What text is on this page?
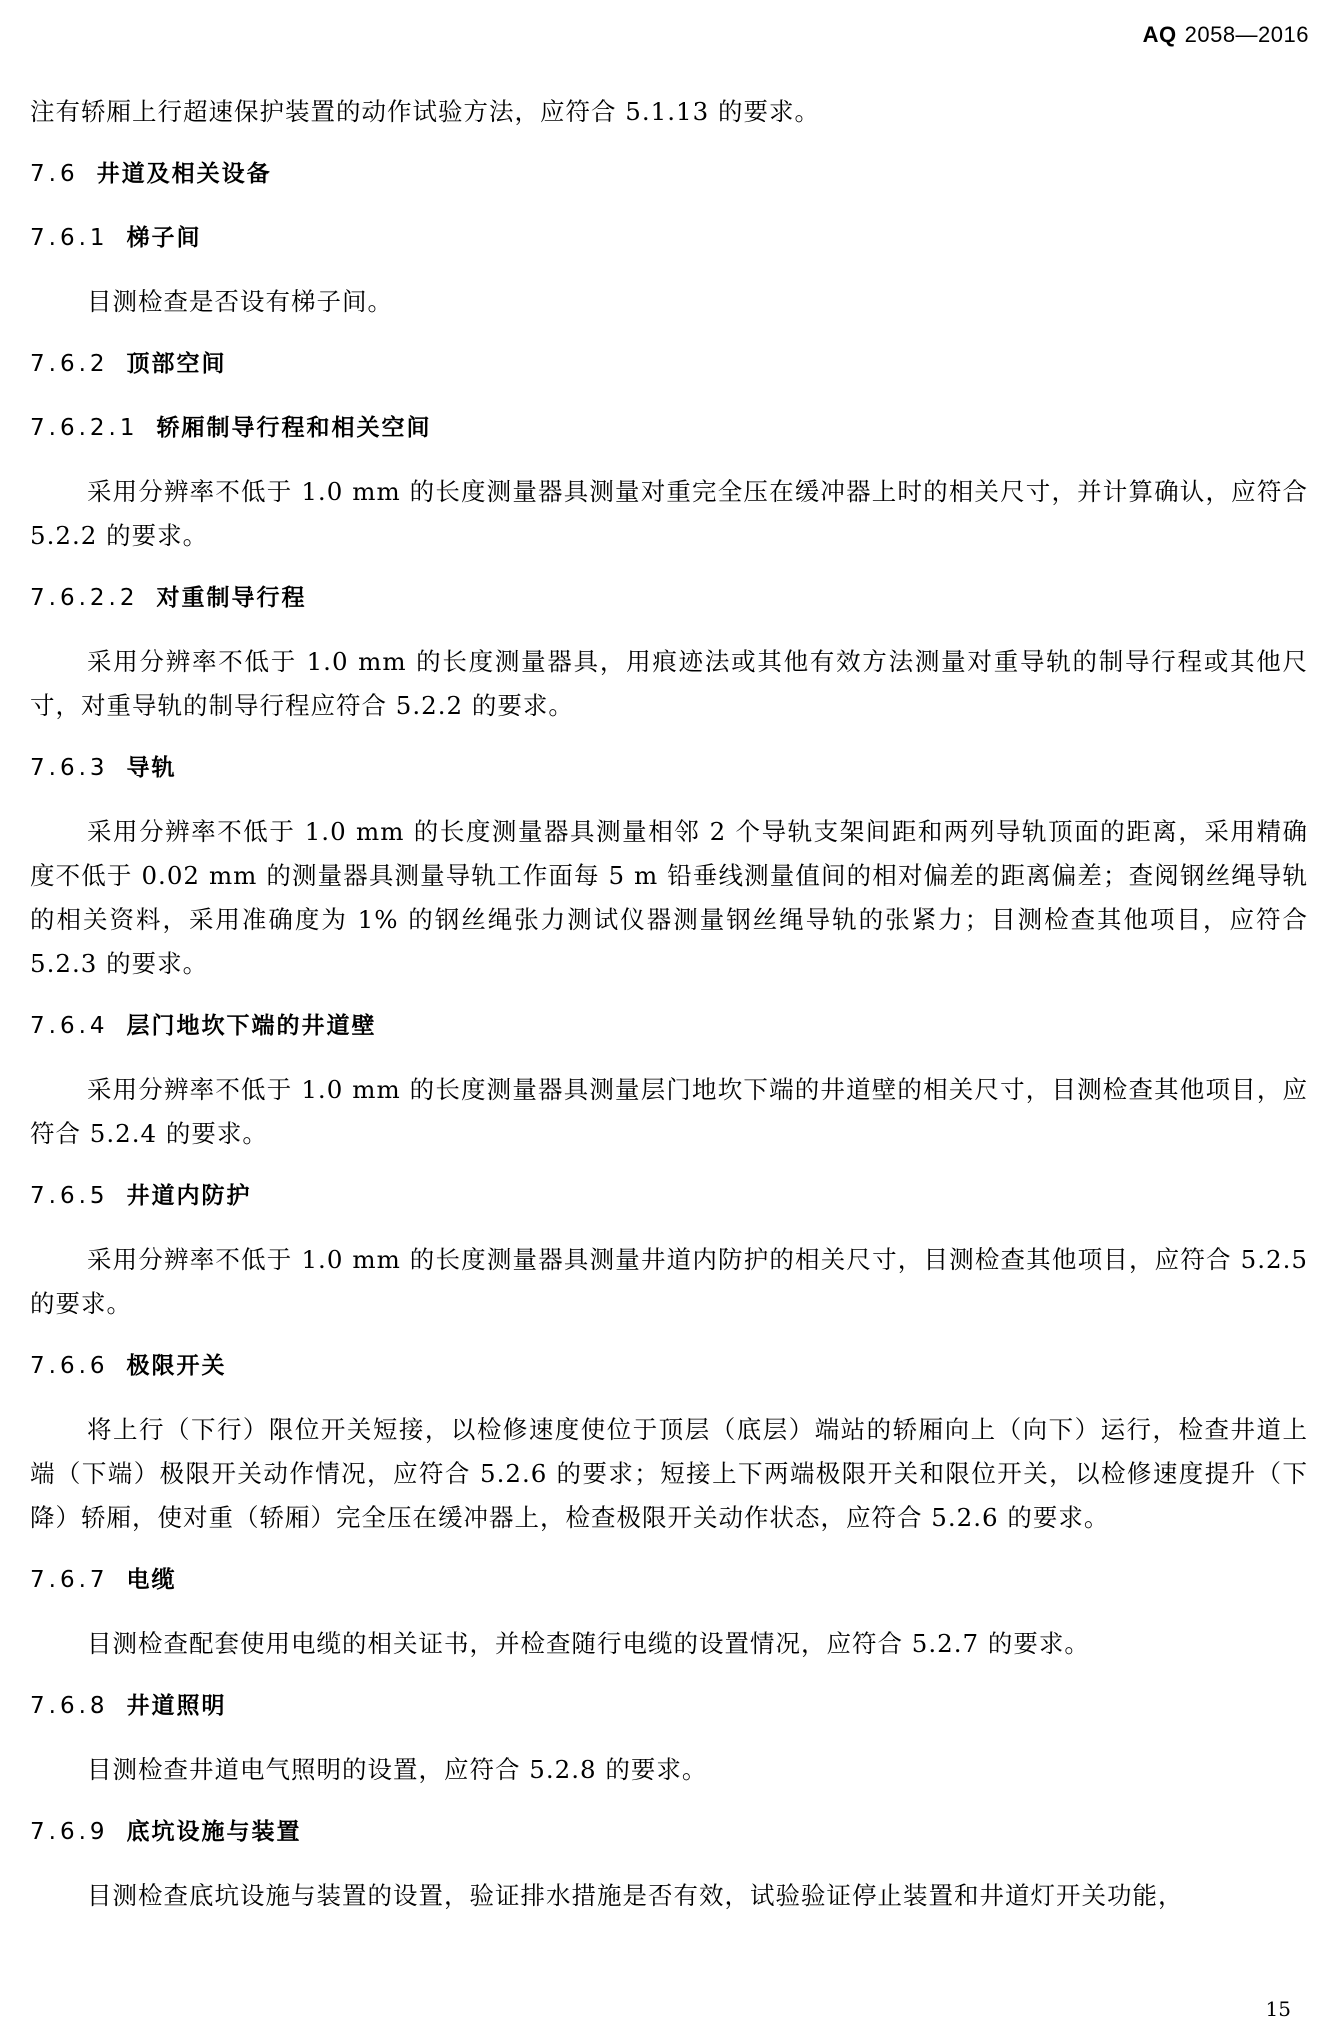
AQ 2058—2016

注有轿厢上行超速保护装置的动作试验方法，应符合 5.1.13 的要求。

7.6 井道及相关设备
7.6.1 梯子间

目测检查是否设有梯子间。

7.6.2 顶部空间
7.6.2.1 轿厢制导行程和相关空间

采用分辨率不低于 1.0 mm 的长度测量器具测量对重完全压在缓冲器上时的相关尺寸，并计算确认，应符合 5.2.2 的要求。

7.6.2.2 对重制导行程

采用分辨率不低于 1.0 mm 的长度测量器具，用痕迹法或其他有效方法测量对重导轨的制导行程或其他尺寸，对重导轨的制导行程应符合 5.2.2 的要求。

7.6.3 导轨

采用分辨率不低于 1.0 mm 的长度测量器具测量相邻 2 个导轨支架间距和两列导轨顶面的距离，采用精确度不低于 0.02 mm 的测量器具测量导轨工作面每 5 m 铅垂线测量值间的相对偏差的距离偏差；查阅钢丝绳导轨的相关资料，采用准确度为 1% 的钢丝绳张力测试仪器测量钢丝绳导轨的张紧力；目测检查其他项目，应符合 5.2.3 的要求。

7.6.4 层门地坎下端的井道壁

采用分辨率不低于 1.0 mm 的长度测量器具测量层门地坎下端的井道壁的相关尺寸，目测检查其他项目，应符合 5.2.4 的要求。

7.6.5 井道内防护

采用分辨率不低于 1.0 mm 的长度测量器具测量井道内防护的相关尺寸，目测检查其他项目，应符合 5.2.5 的要求。

7.6.6 极限开关

将上行（下行）限位开关短接，以检修速度使位于顶层（底层）端站的轿厢向上（向下）运行，检查井道上端（下端）极限开关动作情况，应符合 5.2.6 的要求；短接上下两端极限开关和限位开关，以检修速度提升（下降）轿厢，使对重（轿厢）完全压在缓冲器上，检查极限开关动作状态，应符合 5.2.6 的要求。

7.6.7 电缆

目测检查配套使用电缆的相关证书，并检查随行电缆的设置情况，应符合 5.2.7 的要求。

7.6.8 井道照明

目测检查井道电气照明的设置，应符合 5.2.8 的要求。

7.6.9 底坑设施与装置

目测检查底坑设施与装置的设置，验证排水措施是否有效，试验验证停止装置和井道灯开关功能，

15
